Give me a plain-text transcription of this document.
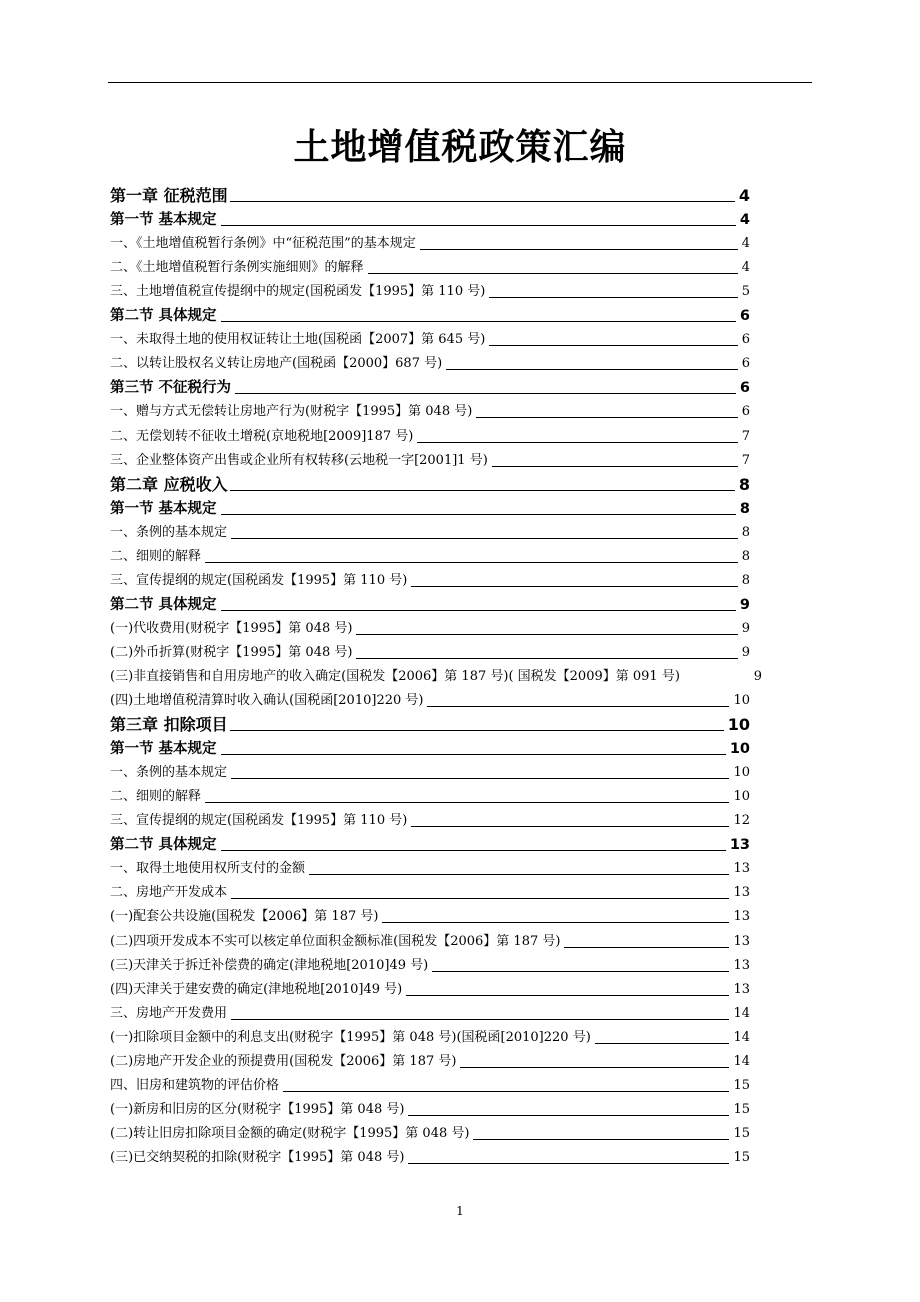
土地增值税政策汇编
第一章 征税范围	4
第一节 基本规定	4
一、《土地增值税暂行条例》中“征税范围”的基本规定	4
二、《土地增值税暂行条例实施细则》的解释	4
三、土地增值税宣传提纲中的规定(国税函发【1995】第 110 号)	5
第二节 具体规定	6
一、未取得土地的使用权证转让土地(国税函【2007】第 645 号)	6
二、以转让股权名义转让房地产(国税函【2000】687 号)	6
第三节 不征税行为	6
一、赠与方式无偿转让房地产行为(财税字【1995】第 048 号)	6
二、无偿划转不征收土增税(京地税地[2009]187 号)	7
三、企业整体资产出售或企业所有权转移(云地税一字[2001]1 号)	7
第二章 应税收入	8
第一节 基本规定	8
一、条例的基本规定	8
二、细则的解释	8
三、宣传提纲的规定(国税函发【1995】第 110 号)	8
第二节 具体规定	9
(一)代收费用(财税字【1995】第 048 号)	9
(二)外币折算(财税字【1995】第 048 号)	9
(三)非直接销售和自用房地产的收入确定(国税发【2006】第 187 号)( 国税发【2009】第 091 号)	9
(四)土地增值税清算时收入确认(国税函[2010]220 号)	10
第三章 扣除项目	10
第一节 基本规定	10
一、条例的基本规定	10
二、细则的解释	10
三、宣传提纲的规定(国税函发【1995】第 110 号)	12
第二节 具体规定	13
一、取得土地使用权所支付的金额	13
二、房地产开发成本	13
(一)配套公共设施(国税发【2006】第 187 号)	13
(二)四项开发成本不实可以核定单位面积金额标准(国税发【2006】第 187 号)	13
(三)天津关于拆迁补偿费的确定(津地税地[2010]49 号)	13
(四)天津关于建安费的确定(津地税地[2010]49 号)	13
三、房地产开发费用	14
(一)扣除项目金额中的利息支出(财税字【1995】第 048 号)(国税函[2010]220 号)	14
(二)房地产开发企业的预提费用(国税发【2006】第 187 号)	14
四、旧房和建筑物的评估价格	15
(一)新房和旧房的区分(财税字【1995】第 048 号)	15
(二)转让旧房扣除项目金额的确定(财税字【1995】第 048 号)	15
(三)已交纳契税的扣除(财税字【1995】第 048 号)	15
1
